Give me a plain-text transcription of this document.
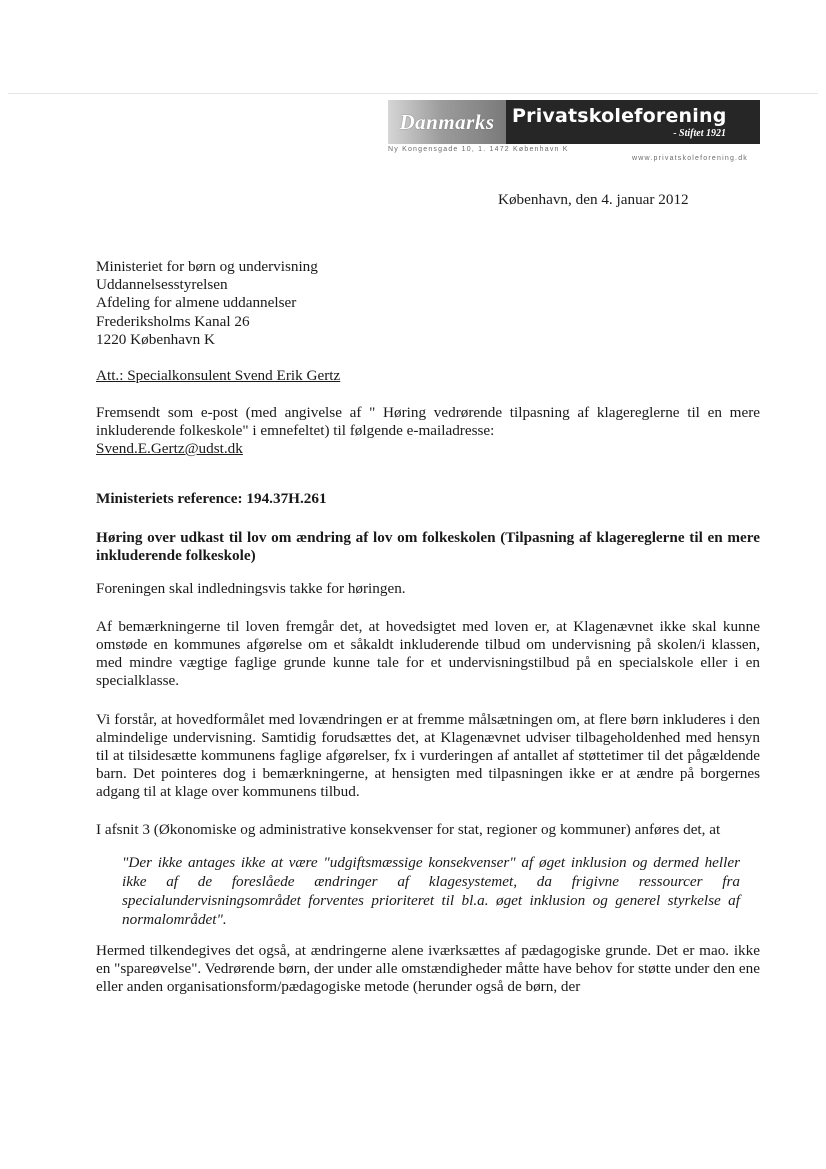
Danmarks Privatskoleforening
- Stiftet 1921
Ny Kongensgade 10, 1. 1472 København K
www.privatskoleforening.dk
København, den 4. januar 2012
Ministeriet for børn og undervisning
Uddannelsesstyrelsen
Afdeling for almene uddannelser
Frederiksholms Kanal 26
1220 København K
Att.: Specialkonsulent Svend Erik Gertz
Fremsendt som e-post (med angivelse af " Høring vedrørende tilpasning af klagereglerne til en mere inkluderende folkeskole" i emnefeltet) til følgende e-mailadresse:
Svend.E.Gertz@udst.dk
Ministeriets reference: 194.37H.261
Høring over udkast til lov om ændring af lov om folkeskolen (Tilpasning af klagereglerne til en mere inkluderende folkeskole)
Foreningen skal indledningsvis takke for høringen.
Af bemærkningerne til loven fremgår det, at hovedsigtet med loven er, at Klagenævnet ikke skal kunne omstøde en kommunes afgørelse om et såkaldt inkluderende tilbud om undervisning på skolen/i klassen, med mindre vægtige faglige grunde kunne tale for et undervisningstilbud på en specialskole eller i en specialklasse.
Vi forstår, at hovedformålet med lovændringen er at fremme målsætningen om, at flere børn inkluderes i den almindelige undervisning. Samtidig forudsættes det, at Klagenævnet udviser tilbageholdenhed med hensyn til at tilsidesætte kommunens faglige afgørelser, fx i vurderingen af antallet af støttetimer til det pågældende barn. Det pointeres dog i bemærkningerne, at hensigten med tilpasningen ikke er at ændre på borgernes adgang til at klage over kommunens tilbud.
I afsnit 3 (Økonomiske og administrative konsekvenser for stat, regioner og kommuner) anføres det, at
"Der ikke antages ikke at være "udgiftsmæssige konsekvenser" af øget inklusion og dermed heller ikke af de foreslåede ændringer af klagesystemet, da frigivne ressourcer fra specialundervisningsområdet forventes prioriteret til bl.a. øget inklusion og generel styrkelse af normalområdet".
Hermed tilkendegives det også, at ændringerne alene iværksættes af pædagogiske grunde. Det er mao. ikke en "spareøvelse". Vedrørende børn, der under alle omstændigheder måtte have behov for støtte under den ene eller anden organisationsform/pædagogiske metode (herunder også de børn, der
